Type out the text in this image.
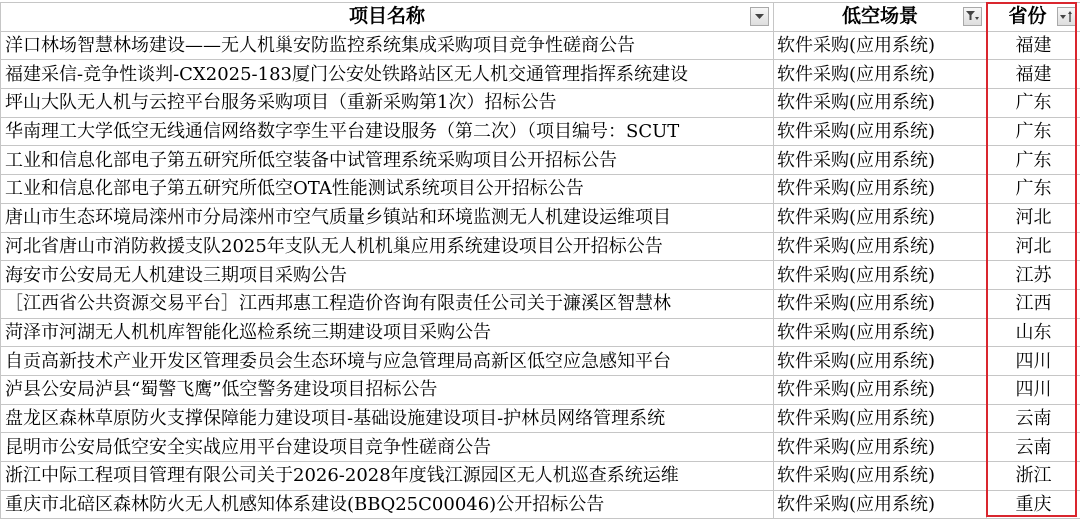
项目名称	低空场景	省份

洋口林场智慧林场建设——无人机巢安防监控系统集成采购项目竞争性磋商公告	软件采购(应用系统)	福建
福建采信-竞争性谈判-CX2025-183厦门公安处铁路站区无人机交通管理指挥系统建设	软件采购(应用系统)	福建
坪山大队无人机与云控平台服务采购项目（重新采购第1次）招标公告	软件采购(应用系统)	广东
华南理工大学低空无线通信网络数字孪生平台建设服务（第二次）（项目编号：SCUT	软件采购(应用系统)	广东
工业和信息化部电子第五研究所低空装备中试管理系统采购项目公开招标公告	软件采购(应用系统)	广东
工业和信息化部电子第五研究所低空OTA性能测试系统项目公开招标公告	软件采购(应用系统)	广东
唐山市生态环境局滦州市分局滦州市空气质量乡镇站和环境监测无人机建设运维项目	软件采购(应用系统)	河北
河北省唐山市消防救援支队2025年支队无人机机巢应用系统建设项目公开招标公告	软件采购(应用系统)	河北
海安市公安局无人机建设三期项目采购公告	软件采购(应用系统)	江苏
［江西省公共资源交易平台］江西邦惠工程造价咨询有限责任公司关于濂溪区智慧林	软件采购(应用系统)	江西
菏泽市河湖无人机机库智能化巡检系统三期建设项目采购公告	软件采购(应用系统)	山东
自贡高新技术产业开发区管理委员会生态环境与应急管理局高新区低空应急感知平台	软件采购(应用系统)	四川
泸县公安局泸县“蜀警飞鹰”低空警务建设项目招标公告	软件采购(应用系统)	四川
盘龙区森林草原防火支撑保障能力建设项目-基础设施建设项目-护林员网络管理系统	软件采购(应用系统)	云南
昆明市公安局低空安全实战应用平台建设项目竞争性磋商公告	软件采购(应用系统)	云南
浙江中际工程项目管理有限公司关于2026-2028年度钱江源园区无人机巡查系统运维	软件采购(应用系统)	浙江
重庆市北碚区森林防火无人机感知体系建设(BBQ25C00046)公开招标公告	软件采购(应用系统)	重庆
